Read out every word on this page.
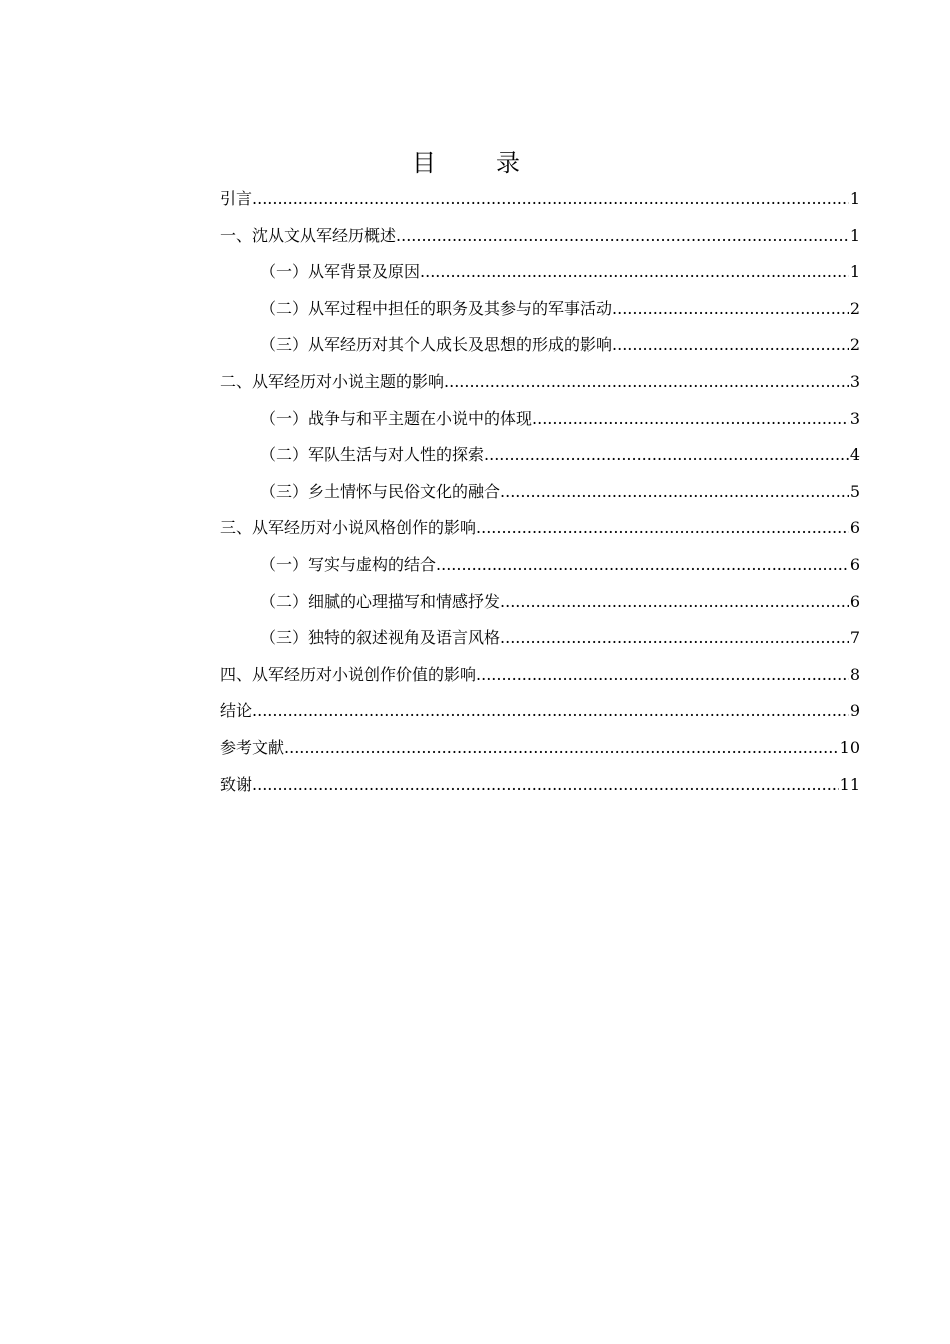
目　录
引言 .....	1
一、沈从文从军经历概述 .....	1
（一）从军背景及原因 .....	1
（二）从军过程中担任的职务及其参与的军事活动 .....	2
（三）从军经历对其个人成长及思想的形成的影响 .....	2
二、从军经历对小说主题的影响 .....	3
（一）战争与和平主题在小说中的体现 .....	3
（二）军队生活与对人性的探索 .....	4
（三）乡土情怀与民俗文化的融合 .....	5
三、从军经历对小说风格创作的影响 .....	6
（一）写实与虚构的结合 .....	6
（二）细腻的心理描写和情感抒发 .....	6
（三）独特的叙述视角及语言风格 .....	7
四、从军经历对小说创作价值的影响 .....	8
结论 .....	9
参考文献 .....	10
致谢 .....	11
